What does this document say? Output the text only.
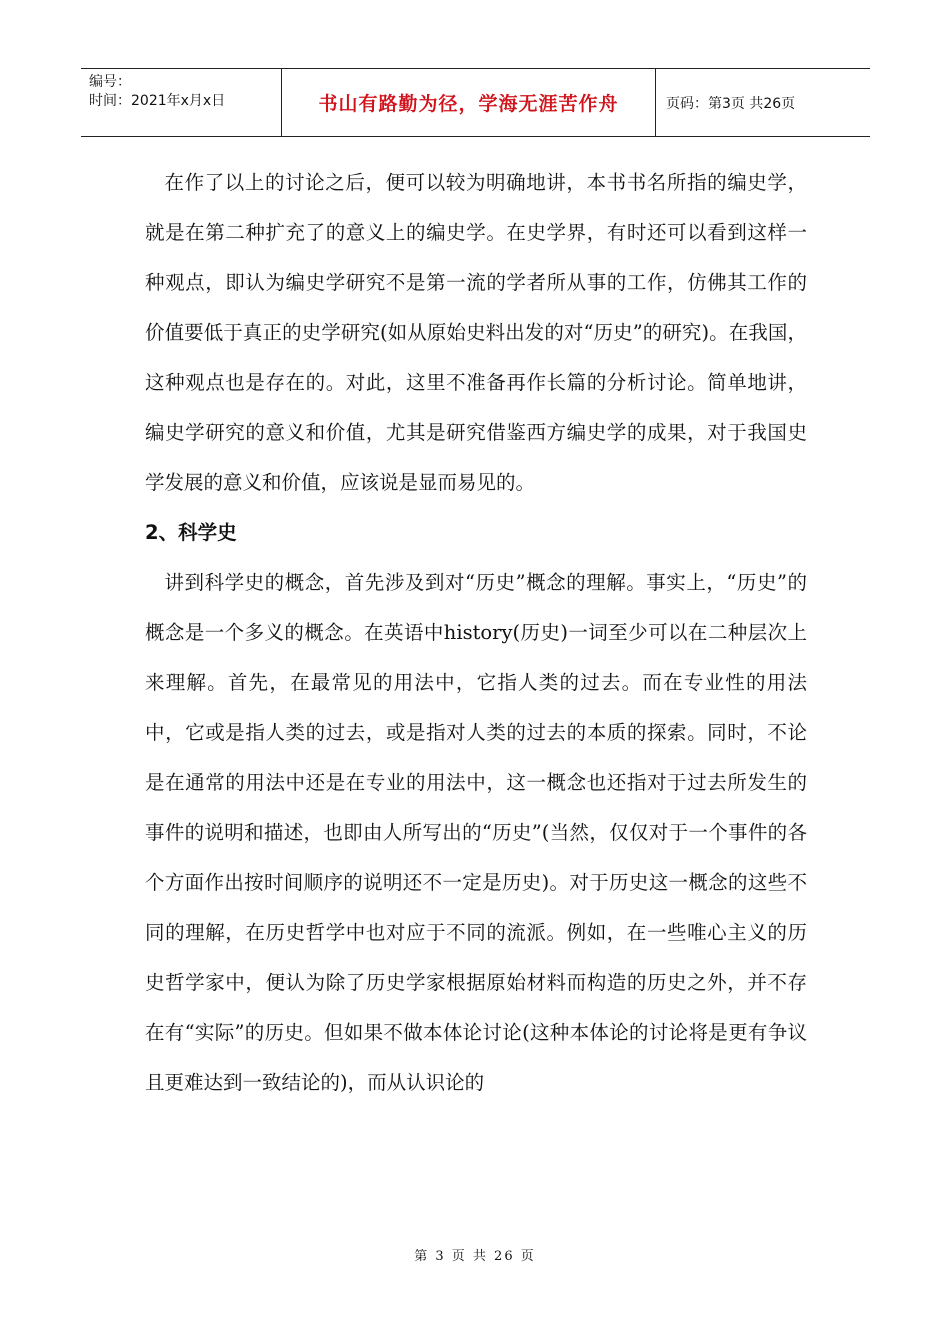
编号：
时间：2021年x月x日	书山有路勤为径，学海无涯苦作舟	页码：第3页 共26页

在作了以上的讨论之后，便可以较为明确地讲，本书书名所指的编史学，就是在第二种扩充了的意义上的编史学。在史学界，有时还可以看到这样一种观点，即认为编史学研究不是第一流的学者所从事的工作，仿佛其工作的价值要低于真正的史学研究(如从原始史料出发的对“历史”的研究)。在我国，这种观点也是存在的。对此，这里不准备再作长篇的分析讨论。简单地讲，编史学研究的意义和价值，尤其是研究借鉴西方编史学的成果，对于我国史学发展的意义和价值，应该说是显而易见的。

2、科学史

讲到科学史的概念，首先涉及到对“历史”概念的理解。事实上，“历史”的概念是一个多义的概念。在英语中history(历史)一词至少可以在二种层次上来理解。首先，在最常见的用法中，它指人类的过去。而在专业性的用法中，它或是指人类的过去，或是指对人类的过去的本质的探索。同时，不论是在通常的用法中还是在专业的用法中，这一概念也还指对于过去所发生的事件的说明和描述，也即由人所写出的“历史”(当然，仅仅对于一个事件的各个方面作出按时间顺序的说明还不一定是历史)。对于历史这一概念的这些不同的理解，在历史哲学中也对应于不同的流派。例如，在一些唯心主义的历史哲学家中，便认为除了历史学家根据原始材料而构造的历史之外，并不存在有“实际”的历史。但如果不做本体论讨论(这种本体论的讨论将是更有争议且更难达到一致结论的)，而从认识论的

第 3 页 共 26 页
